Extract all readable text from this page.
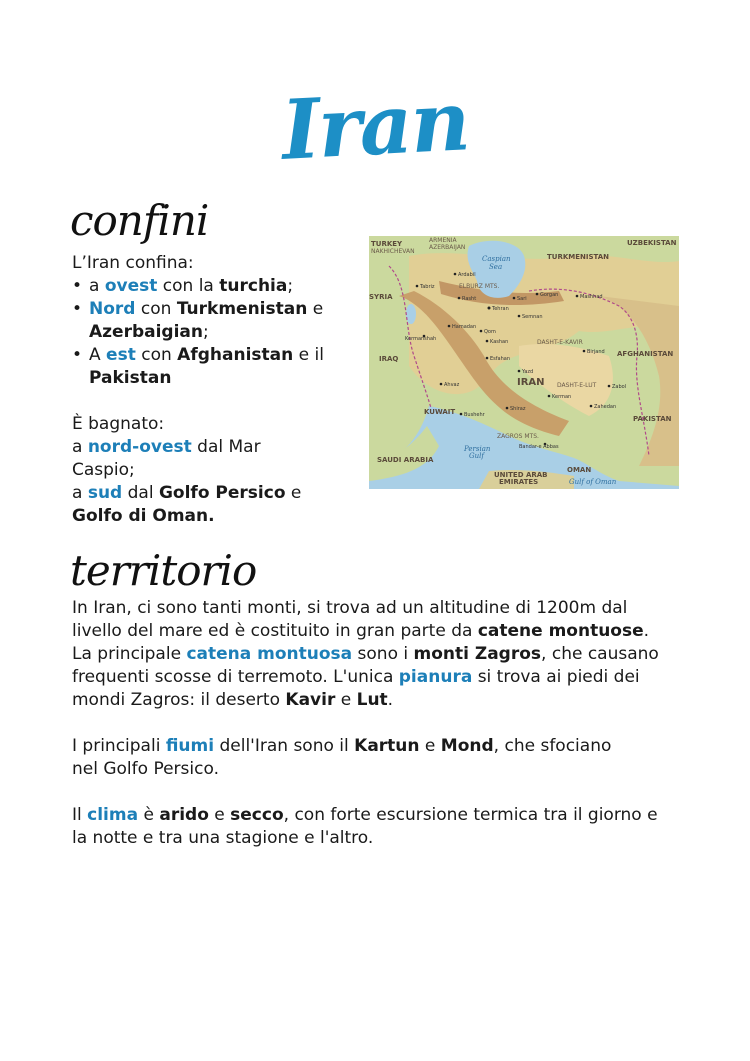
Iran
confini
L’Iran confina:
• a ovest con la turchia;
• Nord con Turkmenistan e Azerbaigian;
• A est con Afghanistan e il Pakistan
È bagnato:
a nord-ovest dal Mar Caspio;
a sud dal Golfo Persico e Golfo di Oman.
TURKEY
NAKHICHEVAN
ARMENIA
AZERBAIJAN
SYRIA
IRAQ
KUWAIT
SAUDI ARABIA
UNITED ARAB
EMIRATES
OMAN
TURKMENISTAN
UZBEKISTAN
AFGHANISTAN
PAKISTAN
IRAN
Caspian
Sea
Persian
Gulf
Gulf of Oman
ELBURZ MTS.
DASHT-E-KAVIR
DASHT-E-LUT
ZAGROS MTS.
Tabriz
Ardabil
Rasht
Tehran
Mashhad
Qom
Esfahan
Shiraz
Kerman
Zahedan
Ahvaz
Bandar-e Abbas
Yazd
Hamadan
Kermanshah
Birjand
Gorgan
Sari
Semnan
Kashan
Bushehr
Zabol
territorio
In Iran, ci sono tanti monti, si trova ad un altitudine di 1200m dal livello del mare ed è costituito in gran parte da catene montuose.
La principale catena montuosa sono i monti Zagros, che causano frequenti scosse di terremoto. L'unica pianura si trova ai piedi dei mondi Zagros: il deserto Kavir e Lut.
I principali fiumi dell'Iran sono il Kartun e Mond, che sfociano nel Golfo Persico.
Il clima è arido e secco, con forte escursione termica tra il giorno e la notte e tra una stagione e l'altro.
